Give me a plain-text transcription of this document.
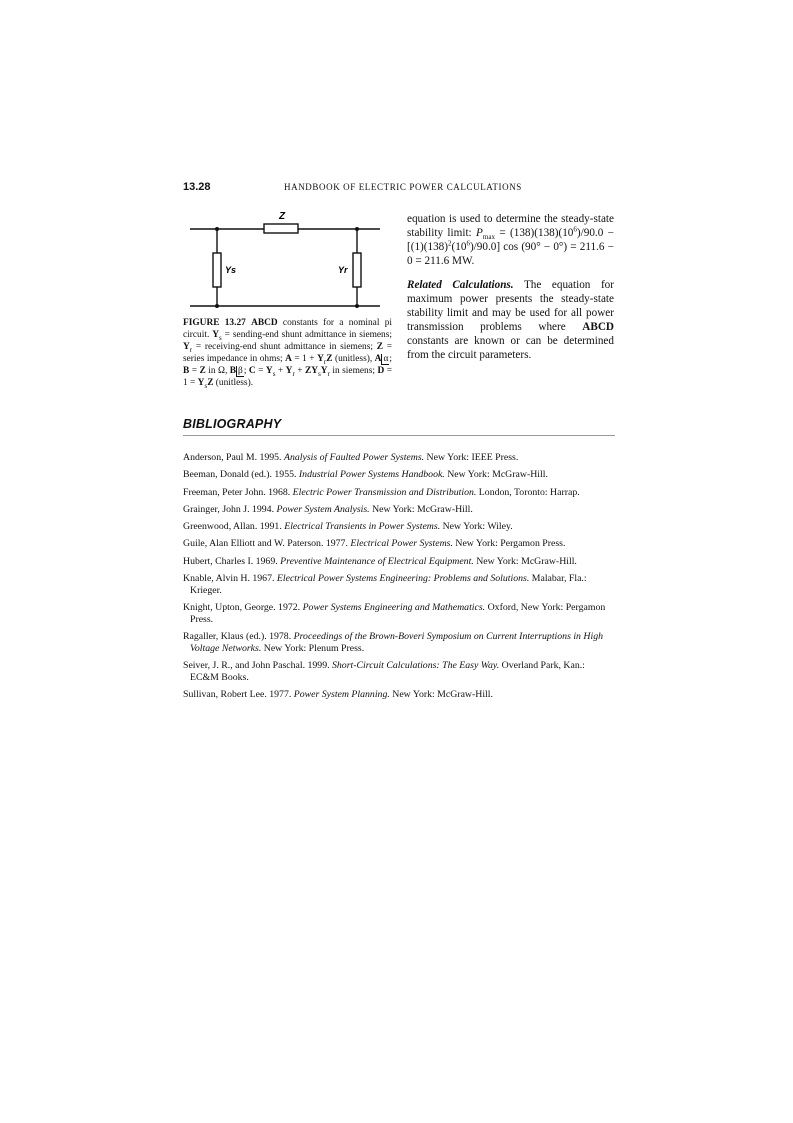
13.28	HANDBOOK OF ELECTRIC POWER CALCULATIONS
Z
Ys	Yr
FIGURE 13.27 ABCD constants for a nominal pi circuit. $Y_s$ = sending-end shunt admittance in siemens; $Y_r$ = receiving-end shunt admittance in siemens; Z = series impedance in ohms; $A = 1 + Y_rZ$ (unitless), A α; B = Z in Ω, B β; $C = Y_s + Y_r + ZY_sY_r$ in siemens; $D = 1 = Y_sZ$ (unitless).

equation is used to determine the steady-state stability limit: $P_{max} = (138)(138)(10^6)/90.0 - [(1)(138)^2(10^6)/90.0]$ cos (90° − 0°) = 211.6 − 0 = 211.6 MW.

Related Calculations. The equation for maximum power presents the steady-state stability limit and may be used for all power transmission problems where ABCD constants are known or can be determined from the circuit parameters.

BIBLIOGRAPHY
Anderson, Paul M. 1995. Analysis of Faulted Power Systems. New York: IEEE Press.
Beeman, Donald (ed.). 1955. Industrial Power Systems Handbook. New York: McGraw-Hill.
Freeman, Peter John. 1968. Electric Power Transmission and Distribution. London, Toronto: Harrap.
Grainger, John J. 1994. Power System Analysis. New York: McGraw-Hill.
Greenwood, Allan. 1991. Electrical Transients in Power Systems. New York: Wiley.
Guile, Alan Elliott and W. Paterson. 1977. Electrical Power Systems. New York: Pergamon Press.
Hubert, Charles I. 1969. Preventive Maintenance of Electrical Equipment. New York: McGraw-Hill.
Knable, Alvin H. 1967. Electrical Power Systems Engineering: Problems and Solutions. Malabar, Fla.: Krieger.
Knight, Upton, George. 1972. Power Systems Engineering and Mathematics. Oxford, New York: Pergamon Press.
Ragaller, Klaus (ed.). 1978. Proceedings of the Brown-Boveri Symposium on Current Interruptions in High Voltage Networks. New York: Plenum Press.
Seiver, J. R., and John Paschal. 1999. Short-Circuit Calculations: The Easy Way. Overland Park, Kan.: EC&M Books.
Sullivan, Robert Lee. 1977. Power System Planning. New York: McGraw-Hill.
